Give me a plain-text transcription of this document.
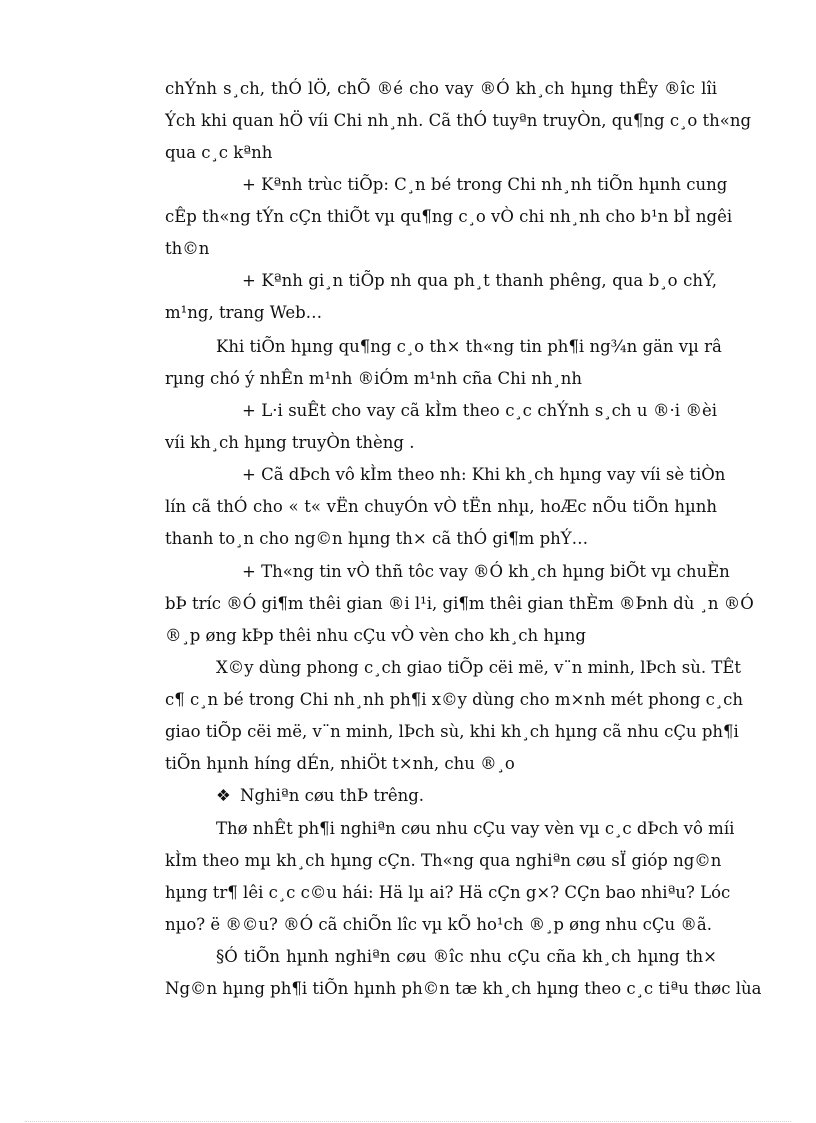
chÝnh s¸ch, thÓ lÖ, chÕ ®é cho vay ®Ó kh¸ch hµng thÊy ®îc lîi
Ých khi quan hÖ víi Chi nh¸nh. Cã thÓ tuyªn truyÒn, qu¶ng c¸o th«ng
qua c¸c kªnh
+ Kªnh trùc tiÕp: C¸n bé trong Chi nh¸nh tiÕn hµnh cung
cÊp th«ng tÝn cÇn thiÕt vµ qu¶ng c¸o vÒ chi nh¸nh cho b¹n bÌ ngêi
th©n
+ Kªnh gi¸n tiÕp nh qua ph¸t thanh phêng, qua b¸o chÝ,
m¹ng, trang Web…
Khi tiÕn hµng qu¶ng c¸o th× th«ng tin ph¶i ng¾n gän vµ râ
rµng chó ý nhÊn m¹nh ®iÓm m¹nh cña Chi nh¸nh
+ L·i suÊt cho vay cã kÌm theo c¸c chÝnh s¸ch u ®·i ®èi
víi kh¸ch hµng truyÒn thèng .
+ Cã dÞch vô kÌm theo nh: Khi kh¸ch hµng vay víi sè tiÒn
lín cã thÓ cho « t« vËn chuyÓn vÒ tËn nhµ, hoÆc nÕu tiÕn hµnh
thanh to¸n cho ng©n hµng th× cã thÓ gi¶m phÝ…
+ Th«ng tin vÒ thñ tôc vay ®Ó kh¸ch hµng biÕt vµ chuÈn
bÞ tríc ®Ó gi¶m thêi gian ®i l¹i, gi¶m thêi gian thÈm ®Þnh dù ¸n ®Ó
®¸p øng kÞp thêi nhu cÇu vÒ vèn cho kh¸ch hµng
X©y dùng phong c¸ch giao tiÕp cëi më, v¨n minh, lÞch sù. TÊt
c¶ c¸n bé trong Chi nh¸nh ph¶i x©y dùng cho m×nh mét phong c¸ch
giao tiÕp cëi më, v¨n minh, lÞch sù, khi kh¸ch hµng cã nhu cÇu ph¶i
tiÕn hµnh híng dÉn, nhiÖt t×nh, chu ®¸o
❖ Nghiªn cøu thÞ trêng.
Thø nhÊt ph¶i nghiªn cøu nhu cÇu vay vèn vµ c¸c dÞch vô míi
kÌm theo mµ kh¸ch hµng cÇn. Th«ng qua nghiªn cøu sÏ gióp ng©n
hµng tr¶ lêi c¸c c©u hái: Hä lµ ai? Hä cÇn g×? CÇn bao nhiªu? Lóc
nµo? ë ®©u? ®Ó cã chiÕn lîc vµ kÕ ho¹ch ®¸p øng nhu cÇu ®ã.
§Ó tiÕn hµnh nghiªn cøu ®îc nhu cÇu cña kh¸ch hµng th×
Ng©n hµng ph¶i tiÕn hµnh ph©n tæ kh¸ch hµng theo c¸c tiªu thøc lùa
